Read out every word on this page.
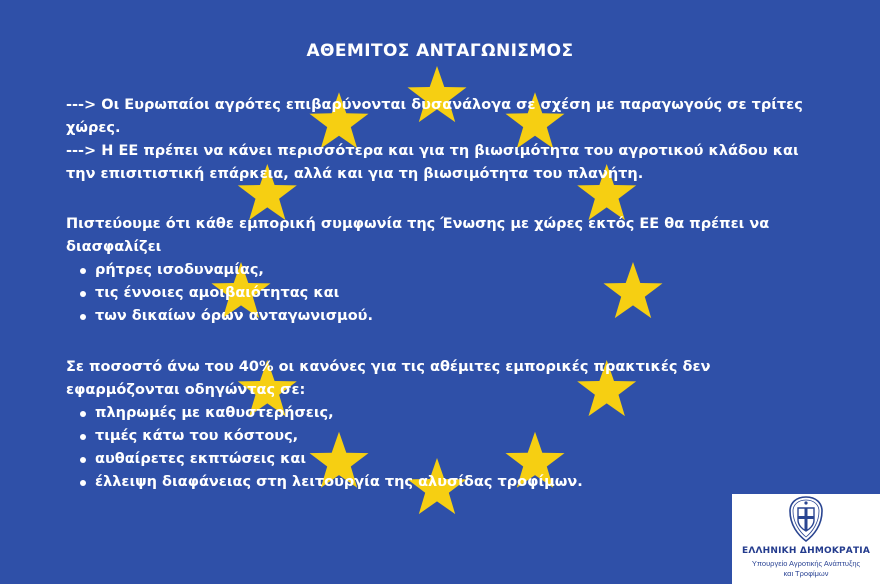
ΑΘΕΜΙΤΟΣ ΑΝΤΑΓΩΝΙΣΜΟΣ

---> Οι Ευρωπαίοι αγρότες επιβαρύνονται δυσανάλογα σε σχέση με παραγωγούς σε τρίτες χώρες.

---> Η ΕΕ πρέπει να κάνει περισσότερα και για τη βιωσιμότητα του αγροτικού κλάδου και την επισιτιστική επάρκεια, αλλά και για τη βιωσιμότητα του πλανήτη.

Πιστεύουμε ότι κάθε εμπορική συμφωνία της Ένωσης με χώρες εκτός ΕΕ θα πρέπει να διασφαλίζει

ρήτρες ισοδυναμίας,
τις έννοιες αμοιβαιότητας και
των δικαίων όρων ανταγωνισμού.

Σε ποσοστό άνω του 40% οι κανόνες για τις αθέμιτες εμπορικές πρακτικές δεν εφαρμόζονται οδηγώντας σε:

πληρωμές με καθυστερήσεις,
τιμές κάτω του κόστους,
αυθαίρετες εκπτώσεις και
έλλειψη διαφάνειας στη λειτουργία της αλυσίδας τροφίμων.
ΕΛΛΗΝΙΚΗ ΔΗΜΟΚΡΑΤΙΑ
Υπουργείο Αγροτικής Ανάπτυξης
και Τροφίμων
